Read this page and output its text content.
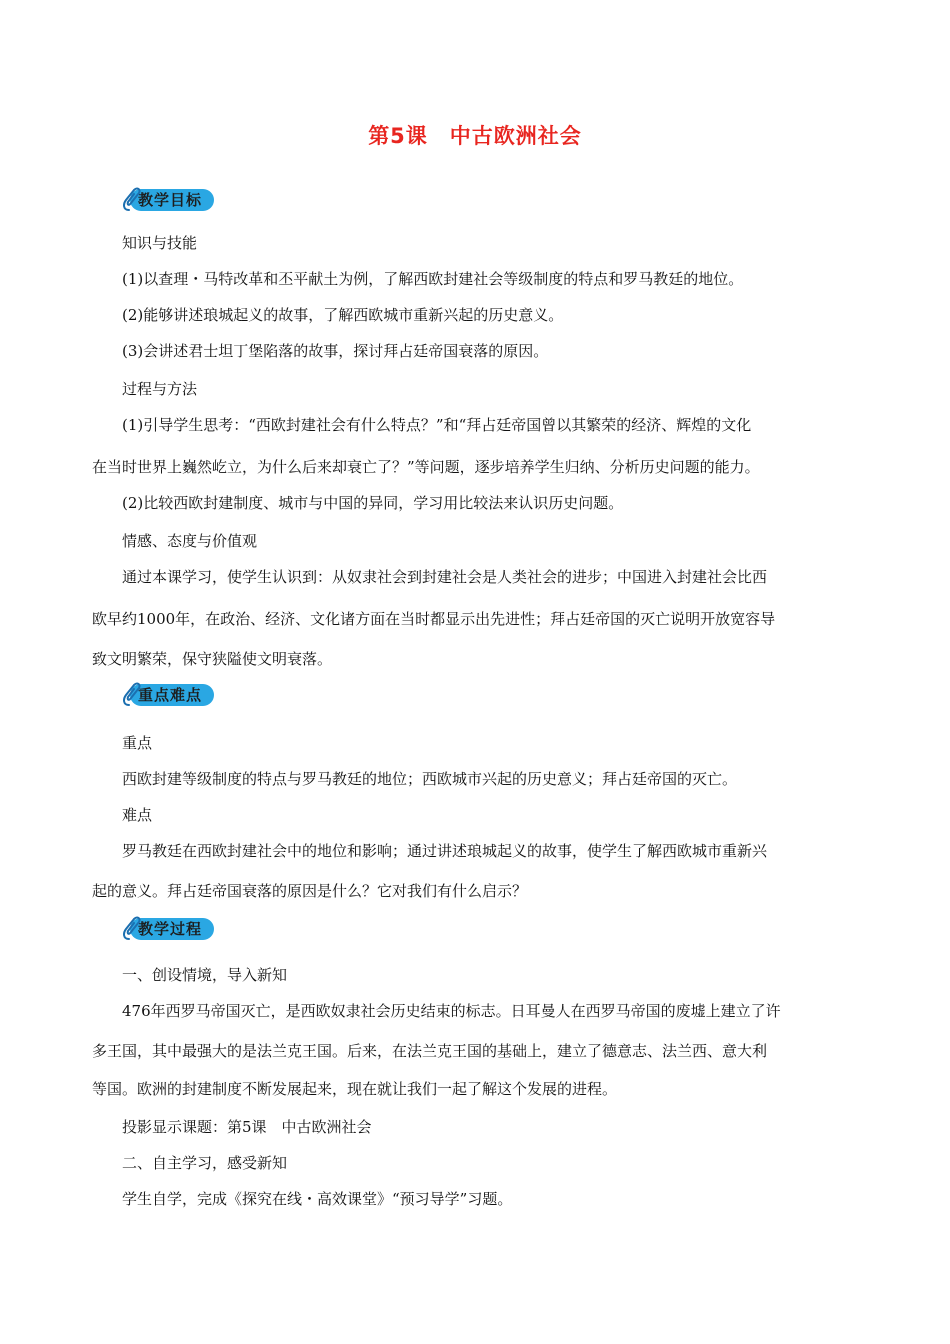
第5课　中古欧洲社会
教学目标
知识与技能
(1)以查理・马特改革和丕平献土为例，了解西欧封建社会等级制度的特点和罗马教廷的地位。
(2)能够讲述琅城起义的故事，了解西欧城市重新兴起的历史意义。
(3)会讲述君士坦丁堡陷落的故事，探讨拜占廷帝国衰落的原因。
过程与方法
(1)引导学生思考：“西欧封建社会有什么特点？”和“拜占廷帝国曾以其繁荣的经济、辉煌的文化
在当时世界上巍然屹立，为什么后来却衰亡了？”等问题，逐步培养学生归纳、分析历史问题的能力。
(2)比较西欧封建制度、城市与中国的异同，学习用比较法来认识历史问题。
情感、态度与价值观
通过本课学习，使学生认识到：从奴隶社会到封建社会是人类社会的进步；中国进入封建社会比西
欧早约1000年，在政治、经济、文化诸方面在当时都显示出先进性；拜占廷帝国的灭亡说明开放宽容导
致文明繁荣，保守狭隘使文明衰落。
重点难点
重点
西欧封建等级制度的特点与罗马教廷的地位；西欧城市兴起的历史意义；拜占廷帝国的灭亡。
难点
罗马教廷在西欧封建社会中的地位和影响；通过讲述琅城起义的故事，使学生了解西欧城市重新兴
起的意义。拜占廷帝国衰落的原因是什么？它对我们有什么启示？
教学过程
一、创设情境，导入新知
476年西罗马帝国灭亡，是西欧奴隶社会历史结束的标志。日耳曼人在西罗马帝国的废墟上建立了许
多王国，其中最强大的是法兰克王国。后来，在法兰克王国的基础上，建立了德意志、法兰西、意大利
等国。欧洲的封建制度不断发展起来，现在就让我们一起了解这个发展的进程。
投影显示课题：第5课　中古欧洲社会
二、自主学习，感受新知
学生自学，完成《探究在线・高效课堂》“预习导学”习题。
